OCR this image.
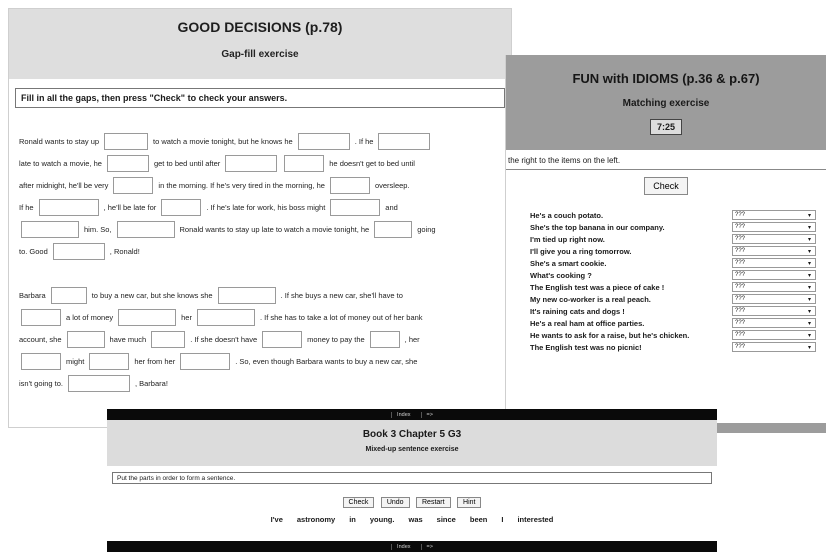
GOOD DECISIONS (p.78)
Gap-fill exercise
Fill in all the gaps, then press "Check" to check your answers.
Ronald wants to stay up	to watch a movie tonight, but he knows he	. If he
late to watch a movie, he	get to bed until after	he doesn't get to bed until
after midnight, he'll be very	in the morning. If he's very tired in the morning, he	oversleep.
If he	, he'll be late for	. If he's late for work, his boss might	and
him. So,	Ronald wants to stay up late to watch a movie tonight, he	going
to. Good	, Ronald!
Barbara	to buy a new car, but she knows she	. If she buys a new car, she'll have to
a lot of money	her	. If she has to take a lot of money out of her bank
account, she	have much	. If she doesn't have	money to pay the	, her
might	her from her	. So, even though Barbara wants to buy a new car, she
isn't going to.	, Barbara!
FUN with IDIOMS (p.36 & p.67)
Matching exercise
7:25
the right to the items on the left.
Check
He's a couch potato.	???	▾
She's the top banana in our company.	???	▾
I'm tied up right now.	???	▾
I'll give you a ring tomorrow.	???	▾
She's a smart cookie.	???	▾
What's cooking ?	???	▾
The English test was a piece of cake !	???	▾
My new co-worker is a real peach.	???	▾
It's raining cats and dogs !	???	▾
He's a real ham at office parties.	???	▾
He wants to ask for a raise, but he's chicken.	???	▾
The English test was no picnic!	???	▾
Index	=>
Book 3 Chapter 5 G3
Mixed-up sentence exercise
Put the parts in order to form a sentence.
Check	Undo	Restart	Hint
I've astronomy in young. was since been I interested
Index	=>
